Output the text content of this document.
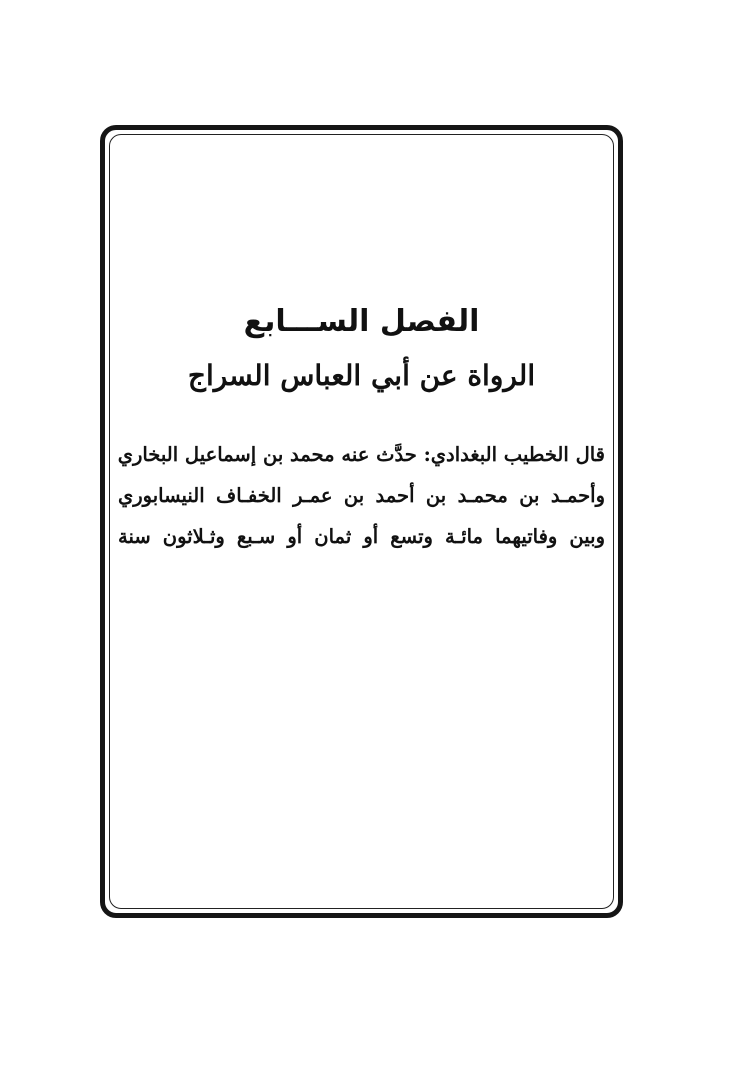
الفصل الســـابع
الرواة عن أبي العباس السراج
قال الخطيب البغدادي: حدَّث عنه محمد بن إسماعيل البخاري
وأحمـد بن محمـد بن أحمد بن عمـر الخفـاف النيسابوري
وبين وفاتيهما مائـة وتسع أو ثمان أو سـبع وثـلاثون سنة
